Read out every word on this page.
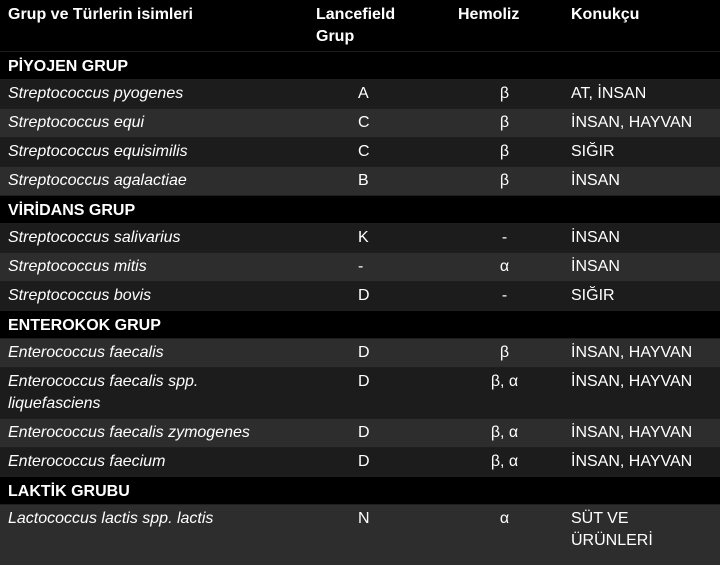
Grup ve Türlerin isimleri	Lancefield Grup	Hemoliz	Konukçu
PİYOJEN GRUP			
Streptococcus pyogenes	A	β	AT, İNSAN
Streptococcus equi	C	β	İNSAN, HAYVAN
Streptococcus equisimilis	C	β	SIĞIR
Streptococcus agalactiae	B	β	İNSAN
VİRİDANS GRUP			
Streptococcus salivarius	K	-	İNSAN
Streptococcus mitis	-	α	İNSAN
Streptococcus bovis	D	-	SIĞIR
ENTEROKOK GRUP			
Enterococcus faecalis	D	β	İNSAN, HAYVAN
Enterococcus faecalis spp. liquefasciens	D	β, α	İNSAN, HAYVAN
Enterococcus faecalis zymogenes	D	β, α	İNSAN, HAYVAN
Enterococcus faecium	D	β, α	İNSAN, HAYVAN
LAKTİK GRUBU			
Lactococcus lactis spp. lactis	N	α	SÜT VE ÜRÜNLERİ
